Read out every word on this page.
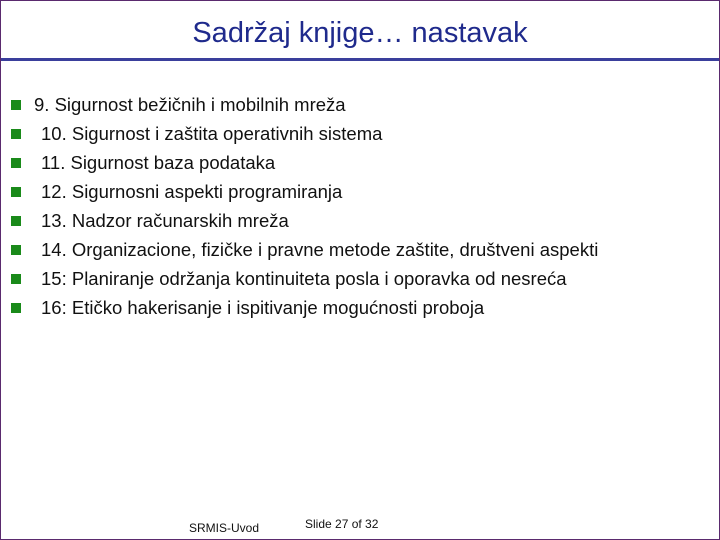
Sadržaj knjige… nastavak
9. Sigurnost bežičnih i mobilnih mreža
10. Sigurnost i zaštita operativnih sistema
11. Sigurnost baza podataka
12. Sigurnosni aspekti programiranja
13. Nadzor računarskih mreža
14. Organizacione, fizičke i pravne metode zaštite, društveni aspekti
15: Planiranje održanja kontinuiteta posla i oporavka od nesreća
16: Etičko hakerisanje i ispitivanje mogućnosti proboja
SRMIS-Uvod	Slide 27 of 32
